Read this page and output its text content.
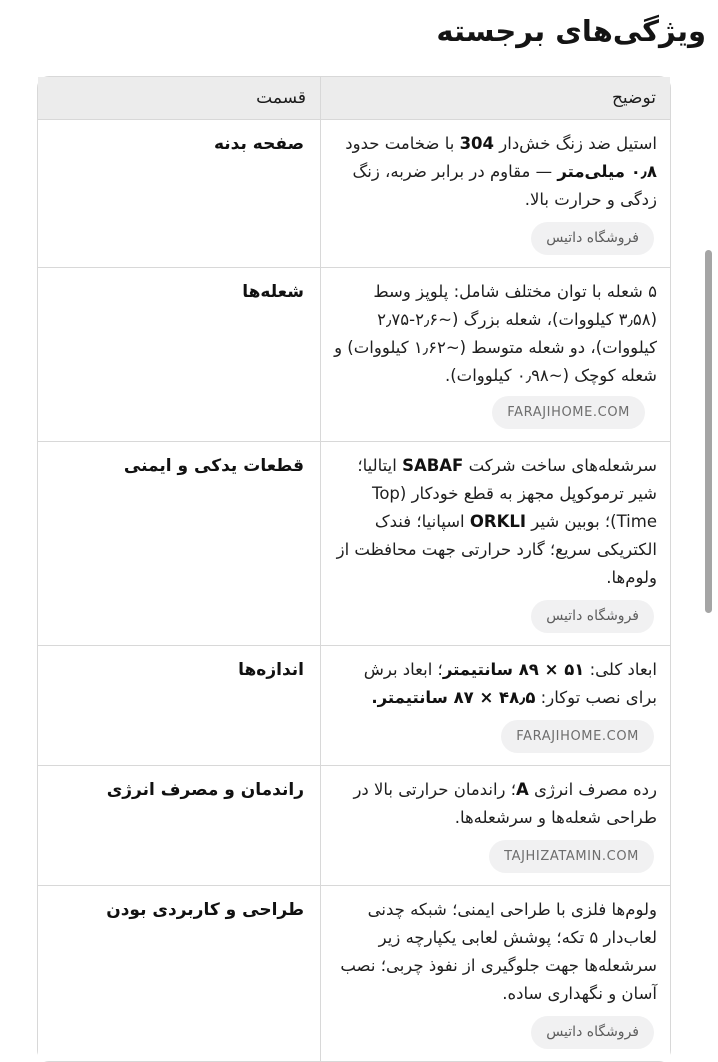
ویژگی‌های برجسته
توضیح
قسمت
استیل ضد زنگ خش‌دار 304 با ضخامت حدود ۰٫۸ میلی‌متر — مقاوم در برابر ضربه، زنگ زدگی و حرارت بالا.
فروشگاه داتیس
صفحه بدنه
۵ شعله با توان مختلف شامل: پلوپز وسط (۳٫۵۸ کیلووات)، شعله بزرگ (~۲٫۶-۲٫۷۵ کیلووات)، دو شعله متوسط (~۱٫۶۲ کیلووات) و شعله کوچک (~۰٫۹۸ کیلووات).FARAJIHOME.COM
شعله‌ها
سرشعله‌های ساخت شرکت SABAF ایتالیا؛ شیر ترموکوپل مجهز به قطع خودکار (Top Time)؛ بوبین شیر ORKLI اسپانیا؛ فندک الکتریکی سریع؛ گارد حرارتی جهت محافظت از ولوم‌ها.
فروشگاه داتیس
قطعات یدکی و ایمنی
ابعاد کلی: ۵۱ × ۸۹ سانتیمتر؛ ابعاد برش برای نصب توکار: ۴۸٫۵ × ۸۷ سانتیمتر.
FARAJIHOME.COM
اندازه‌ها
رده مصرف انرژی A؛ راندمان حرارتی بالا در طراحی شعله‌ها و سرشعله‌ها.
TAJHIZATAMIN.COM
راندمان و مصرف انرژی
ولوم‌ها فلزی با طراحی ایمنی؛ شبکه چدنی لعاب‌دار ۵ تکه؛ پوشش لعابی یکپارچه زیر سرشعله‌ها جهت جلوگیری از نفوذ چربی؛ نصب آسان و نگهداری ساده.
فروشگاه داتیس
طراحی و کاربردی بودن
